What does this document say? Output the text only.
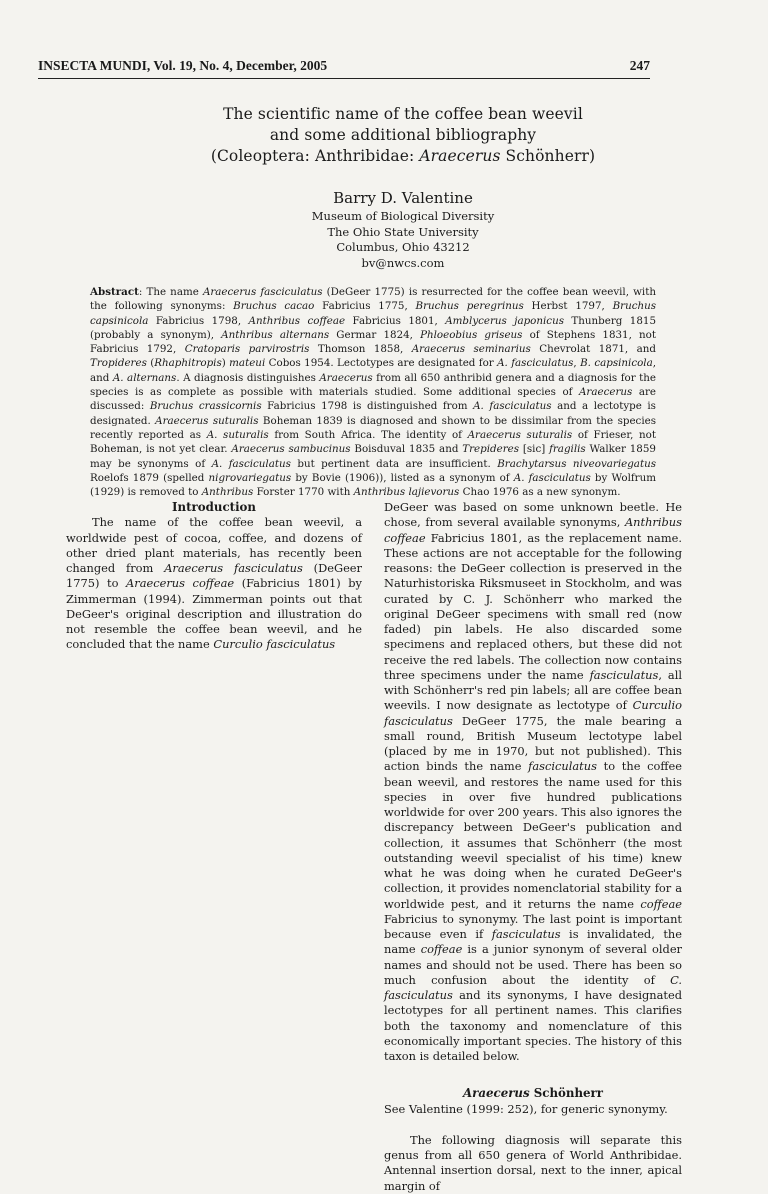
INSECTA MUNDI, Vol. 19, No. 4, December, 2005	247
The scientific name of the coffee bean weevil
and some additional bibliography
(Coleoptera: Anthribidae: Araecerus Schönherr)
Barry D. Valentine
Museum of Biological Diversity
The Ohio State University
Columbus, Ohio 43212
bv@nwcs.com
Abstract: The name Araecerus fasciculatus (DeGeer 1775) is resurrected for the coffee bean weevil, with the following synonyms: Bruchus cacao Fabricius 1775, Bruchus peregrinus Herbst 1797, Bruchus capsinicola Fabricius 1798, Anthribus coffeae Fabricius 1801, Amblycerus japonicus Thunberg 1815 (probably a synonym), Anthribus alternans Germar 1824, Phloeobius griseus of Stephens 1831, not Fabricius 1792, Cratoparis parvirostris Thomson 1858, Araecerus seminarius Chevrolat 1871, and Tropideres (Rhaphitropis) mateui Cobos 1954. Lectotypes are designated for A. fasciculatus, B. capsinicola, and A. alternans. A diagnosis distinguishes Araecerus from all 650 anthribid genera and a diagnosis for the species is as complete as possible with materials studied. Some additional species of Araecerus are discussed: Bruchus crassicornis Fabricius 1798 is distinguished from A. fasciculatus and a lectotype is designated. Araecerus suturalis Boheman 1839 is diagnosed and shown to be dissimilar from the species recently reported as A. suturalis from South Africa. The identity of Araecerus suturalis of Frieser, not Boheman, is not yet clear. Araecerus sambucinus Boisduval 1835 and Trepideres [sic] fragilis Walker 1859 may be synonyms of A. fasciculatus but pertinent data are insufficient. Brachytarsus niveovariegatus Roelofs 1879 (spelled nigrovariegatus by Bovie (1906)), listed as a synonym of A. fasciculatus by Wolfrum (1929) is removed to Anthribus Forster 1770 with Anthribus lajievorus Chao 1976 as a new synonym.

Introduction

The name of the coffee bean weevil, a worldwide pest of cocoa, coffee, and dozens of other dried plant materials, has recently been changed from Araecerus fasciculatus (DeGeer 1775) to Araecerus coffeae (Fabricius 1801) by Zimmerman (1994). Zimmerman points out that DeGeer's original description and illustration do not resemble the coffee bean weevil, and he concluded that the name Curculio fasciculatus

DeGeer was based on some unknown beetle. He chose, from several available synonyms, Anthribus coffeae Fabricius 1801, as the replacement name. These actions are not acceptable for the following reasons: the DeGeer collection is preserved in the Naturhistoriska Riksmuseet in Stockholm, and was curated by C. J. Schönherr who marked the original DeGeer specimens with small red (now faded) pin labels. He also discarded some specimens and replaced others, but these did not receive the red labels. The collection now contains three specimens under the name fasciculatus, all with Schönherr's red pin labels; all are coffee bean weevils. I now designate as lectotype of Curculio fasciculatus DeGeer 1775, the male bearing a small round, British Museum lectotype label (placed by me in 1970, but not published). This action binds the name fasciculatus to the coffee bean weevil, and restores the name used for this species in over five hundred publications worldwide for over 200 years. This also ignores the discrepancy between DeGeer's publication and collection, it assumes that Schönherr (the most outstanding weevil specialist of his time) knew what he was doing when he curated DeGeer's collection, it provides nomenclatorial stability for a worldwide pest, and it returns the name coffeae Fabricius to synonymy. The last point is important because even if fasciculatus is invalidated, the name coffeae is a junior synonym of several older names and should not be used. There has been so much confusion about the identity of C. fasciculatus and its synonyms, I have designated lectotypes for all pertinent names. This clarifies both the taxonomy and nomenclature of this economically important species. The history of this taxon is detailed below.

Araecerus Schönherr

See Valentine (1999: 252), for generic synonymy.

The following diagnosis will separate this genus from all 650 genera of World Anthribidae. Antennal insertion dorsal, next to the inner, apical margin of
